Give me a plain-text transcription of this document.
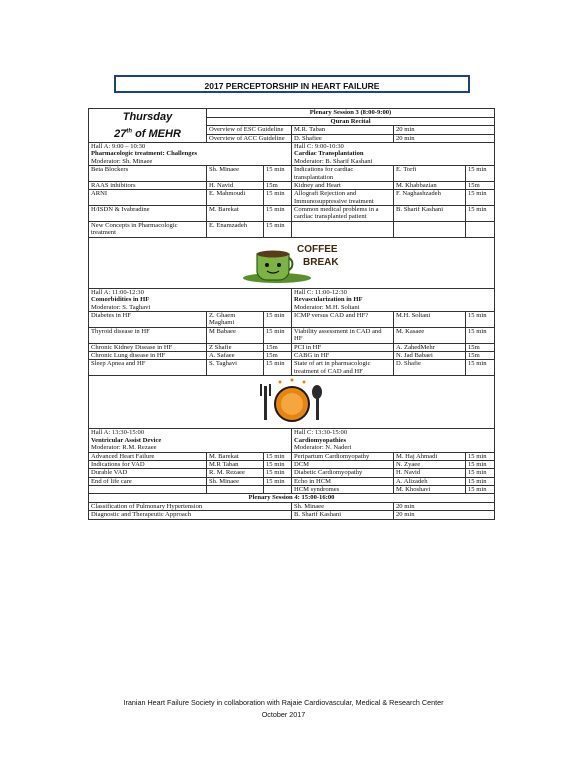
2017 PERCEPTORSHIP IN HEART FAILURE
Thursday
27th of MEHR	Plenary Session 3 (8:00-9:00)				
	Quran Recital				
	Overview of ESC Guideline		M.R. Taban	20 min	
	Overview of ACC Guideline		D. Shafiee	20 min	
Hall A: 9:00 – 10:30
Pharmacologic treatment: Challenges
Moderator: Sh. Minaee			Hall C: 9:00-10:30
Cardiac Transplantation
Moderator: B. Sharif Kashani		
Beta Blockers	Sh. Minaee	15 min	Indications for cardiac transplantation	E. Torfi	15 min
RAAS inhibitors	H. Navid	15m	Kidney and Heart	M. Khabbazian	15m
ARNI	E. Mahmoudi	15 min	Allograft Rejection and Immunosuppressive treatment	F. Naghashzadeh	15 min
H/ISDN & Ivabradine	M. Barekat	15 min	Common medical problems in a cardiac transplanted patient	B. Sharif Kashani	15 min
New Concepts in Pharmacologic treatment	E. Enamzadeh	15 min			

COFFEE
BREAK					

Hall A: 11:00-12:30
Comorbidities in HF
Moderator: S. Taghavi			Hall C: 11:00-12:30
Revascularization in HF
Moderator: M.H. Soltani		
Diabetes in HF	Z. Ghaem Maghami	15 min	ICMP versus CAD and HF?	M.H. Soltani	15 min
Thyroid disease in HF	M Babaee	15 min	Viability assessment in CAD and HF	M. Kasaee	15 min
Chronic Kidney Disease in HF	Z Shafie	15m	PCI in HF	A. ZahedMehr	15m
Chronic Lung disease in HF	A. Safaee	15m	CABG in HF	N. Jad Babaei	15m
Sleep Apnea and HF	S. Taghavi	15 min	State of art in pharmacologic treatment of CAD and HF	D. Shafie	15 min

Hall A: 13:30-15:00
Ventricular Assist Device
Moderator: R.M. Rezaee			Hall C: 13:30-15:00
Cardiomyopathies
Moderator: N. Naderi		
Advanced Heart Failure	M. Barekat	15 min	Peripartum Cardiomyopathy	M. Haj Ahmadi	15 min
Indications for VAD	M.R Taban	15 min	DCM	N. Zyaee	15 min
Durable VAD	R. M. Rezaee	15 min	Diabetic Cardiomyopathy	H. Navid	15 min
End of life care	Sh. Minaee	15 min	Echo in HCM	A. Alizadeh	15 min
			HCM syndromes	M. Khoshavi	15 min
Plenary Session 4: 15:00-16:00					
Classification of Pulmonary Hypertension			Sh. Minaee	20 min	
Diagnostic and Therapeutic Approach			B. Sharif Kashani	20 min	
Iranian Heart Failure Society in collaboration with Rajaie Cardiovascular, Medical & Research Center
October 2017
